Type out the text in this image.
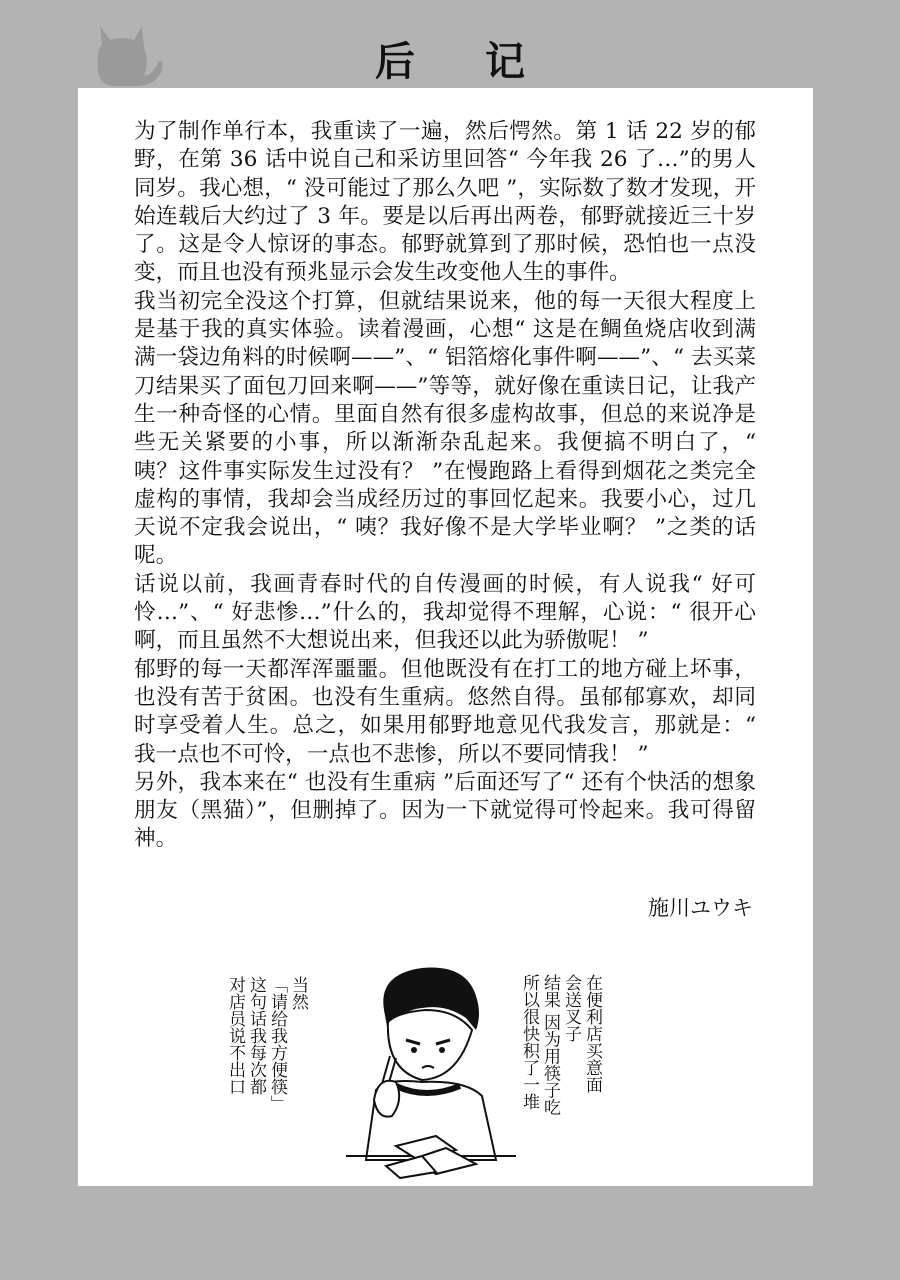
后 记

为了制作单行本，我重读了一遍，然后愕然。第 1 话 22 岁的郁野，在第 36 话中说自己和采访里回答“ 今年我 26 了…”的男人同岁。我心想，“ 没可能过了那么久吧 ”，实际数了数才发现，开始连载后大约过了 3 年。要是以后再出两卷，郁野就接近三十岁了。这是令人惊讶的事态。郁野就算到了那时候，恐怕也一点没变，而且也没有预兆显示会发生改变他人生的事件。

我当初完全没这个打算，但就结果说来，他的每一天很大程度上是基于我的真实体验。读着漫画，心想“ 这是在鲷鱼烧店收到满满一袋边角料的时候啊——”、“ 铝箔熔化事件啊——”、“ 去买菜刀结果买了面包刀回来啊——”等等，就好像在重读日记，让我产生一种奇怪的心情。里面自然有很多虚构故事，但总的来说净是些无关紧要的小事，所以渐渐杂乱起来。我便搞不明白了，“ 咦？这件事实际发生过没有？ ”在慢跑路上看得到烟花之类完全虚构的事情，我却会当成经历过的事回忆起来。我要小心，过几天说不定我会说出，“ 咦？我好像不是大学毕业啊？ ”之类的话呢。

话说以前，我画青春时代的自传漫画的时候，有人说我“ 好可怜…”、“ 好悲惨…”什么的，我却觉得不理解，心说：“ 很开心啊，而且虽然不大想说出来，但我还以此为骄傲呢！ ”

郁野的每一天都浑浑噩噩。但他既没有在打工的地方碰上坏事，也没有苦于贫困。也没有生重病。悠然自得。虽郁郁寡欢，却同时享受着人生。总之，如果用郁野地意见代我发言，那就是：“ 我一点也不可怜，一点也不悲惨，所以不要同情我！ ”

另外，我本来在“ 也没有生重病 ”后面还写了“ 还有个快活的想象朋友（黑猫）”，但删掉了。因为一下就觉得可怜起来。我可得留神。

施川ユウキ
当然
「请给我方便筷」
这句话我每次都
对店员说不出口	在便利店买意面
会送叉子
结果 因为用筷子吃
所以很快积了一堆
